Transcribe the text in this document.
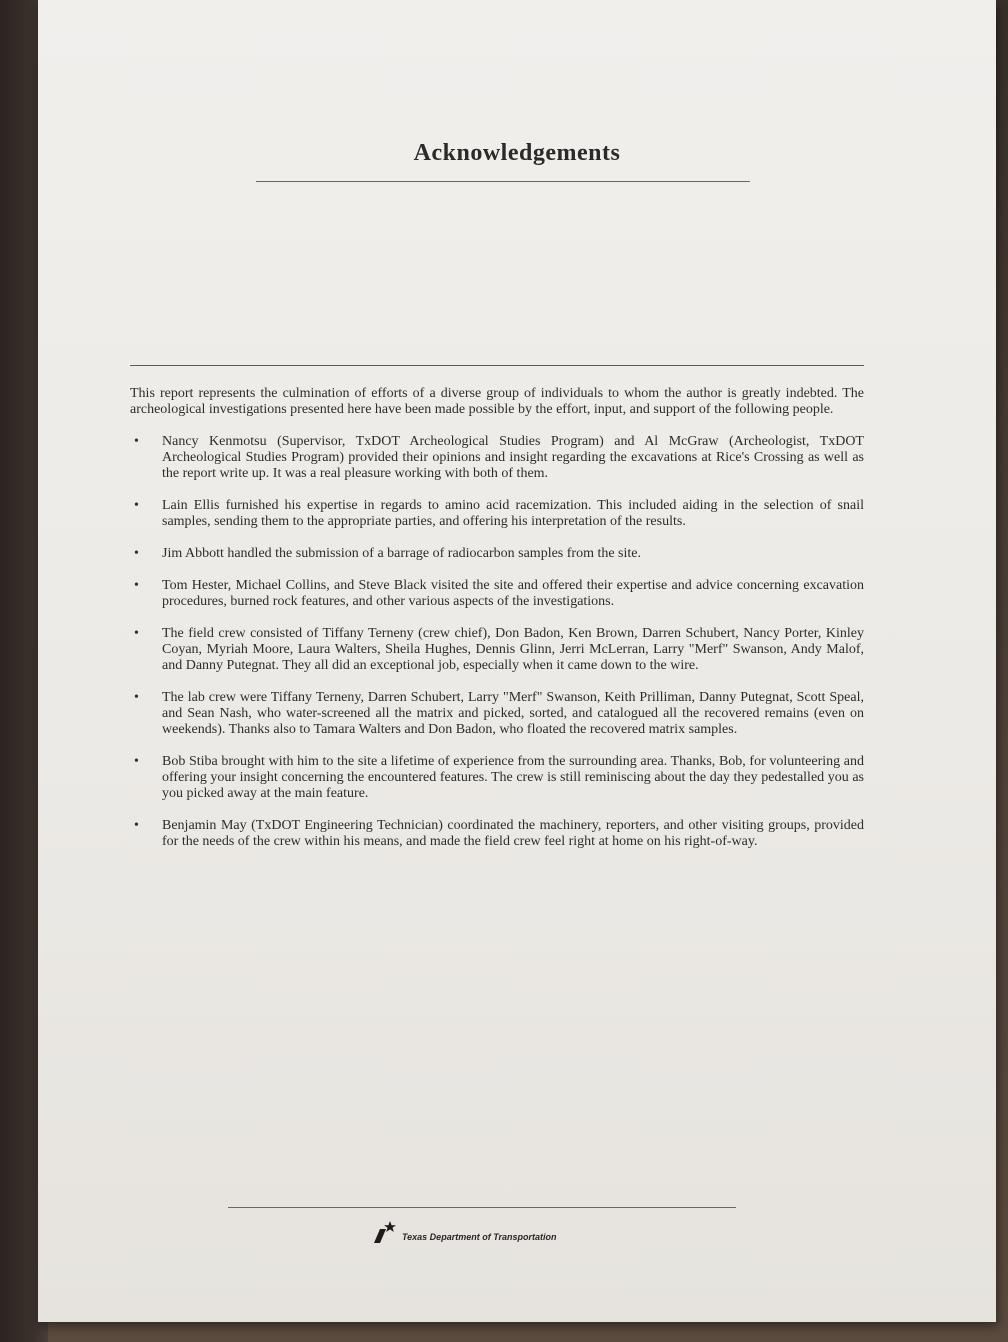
Acknowledgements

This report represents the culmination of efforts of a diverse group of individuals to whom the author is greatly indebted. The archeological investigations presented here have been made possible by the effort, input, and support of the following people.

• Nancy Kenmotsu (Supervisor, TxDOT Archeological Studies Program) and Al McGraw (Archeologist, TxDOT Archeological Studies Program) provided their opinions and insight regarding the excavations at Rice's Crossing as well as the report write up. It was a real pleasure working with both of them.
• Lain Ellis furnished his expertise in regards to amino acid racemization. This included aiding in the selection of snail samples, sending them to the appropriate parties, and offering his interpretation of the results.
• Jim Abbott handled the submission of a barrage of radiocarbon samples from the site.
• Tom Hester, Michael Collins, and Steve Black visited the site and offered their expertise and advice concerning excavation procedures, burned rock features, and other various aspects of the investigations.
• The field crew consisted of Tiffany Terneny (crew chief), Don Badon, Ken Brown, Darren Schubert, Nancy Porter, Kinley Coyan, Myriah Moore, Laura Walters, Sheila Hughes, Dennis Glinn, Jerri McLerran, Larry "Merf" Swanson, Andy Malof, and Danny Putegnat. They all did an exceptional job, especially when it came down to the wire.
• The lab crew were Tiffany Terneny, Darren Schubert, Larry "Merf" Swanson, Keith Prilliman, Danny Putegnat, Scott Speal, and Sean Nash, who water-screened all the matrix and picked, sorted, and catalogued all the recovered remains (even on weekends). Thanks also to Tamara Walters and Don Badon, who floated the recovered matrix samples.
• Bob Stiba brought with him to the site a lifetime of experience from the surrounding area. Thanks, Bob, for volunteering and offering your insight concerning the encountered features. The crew is still reminiscing about the day they pedestalled you as you picked away at the main feature.
• Benjamin May (TxDOT Engineering Technician) coordinated the machinery, reporters, and other visiting groups, provided for the needs of the crew within his means, and made the field crew feel right at home on his right-of-way.
Texas Department of Transportation
